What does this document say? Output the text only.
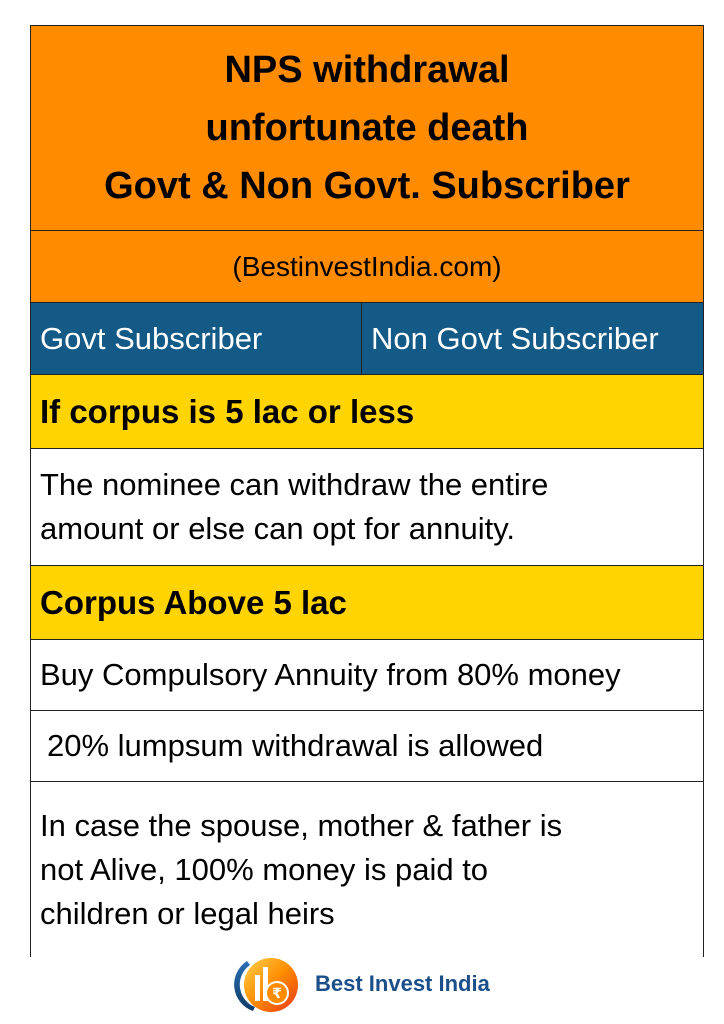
NPS withdrawal
unfortunate death
Govt & Non Govt. Subscriber
(BestinvestIndia.com)
Govt Subscriber	Non Govt Subscriber
If corpus is 5 lac or less
The nominee can withdraw the entire
amount or else can opt for annuity.
Corpus Above 5 lac
Buy Compulsory Annuity from 80% money
20% lumpsum withdrawal is allowed
In case the spouse, mother & father is
not Alive, 100% money is paid to
children or legal heirs
₹ Best Invest India
